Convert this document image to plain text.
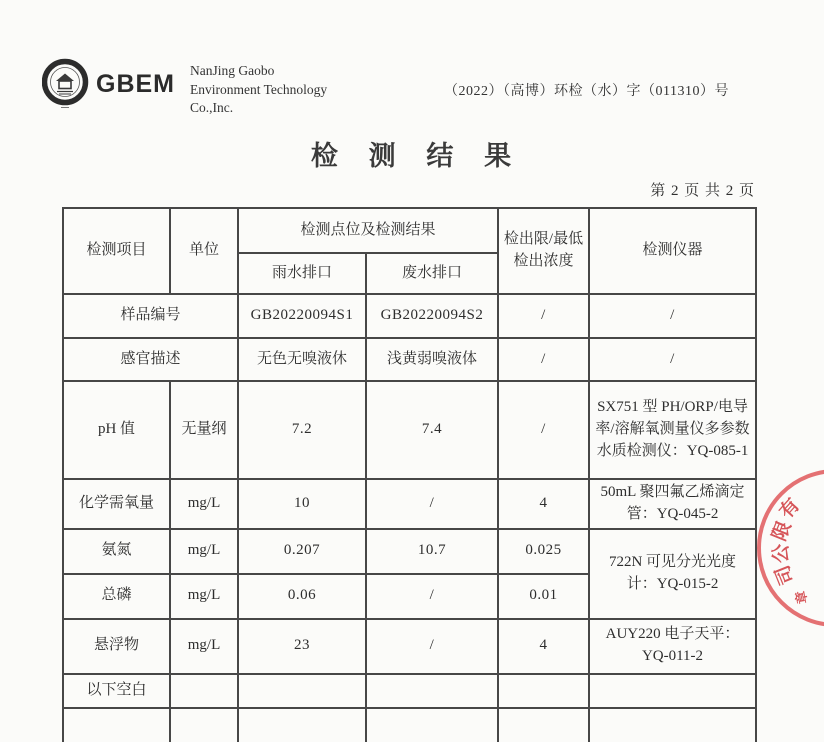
GBEM NanJing Gaobo
Environment Technology
Co.,Inc.
（2022）（高博）环检（水）字（011310）号
检 测 结 果
第 2 页 共 2 页
检测项目	单位	检测点位及检测结果		检出限/最低检出浓度	检测仪器
		雨水排口	废水排口		
样品编号		GB20220094S1	GB20220094S2	/	/
感官描述		无色无嗅液休	浅黄弱嗅液体	/	/
pH 值	无量纲	7.2	7.4	/	SX751 型 PH/ORP/电导率/溶解氧测量仪多参数水质检测仪：YQ-085-1
化学需氧量	mg/L	10	/	4	50mL 聚四氟乙烯滴定管：YQ-045-2
氨氮	mg/L	0.207	10.7	0.025	722N 可见分光光度计：YQ-015-2
总磷	mg/L	0.06	/	0.01	
悬浮物	mg/L	23	/	4	AUY220 电子天平：YQ-011-2
以下空白					

有
限
公
司
章
